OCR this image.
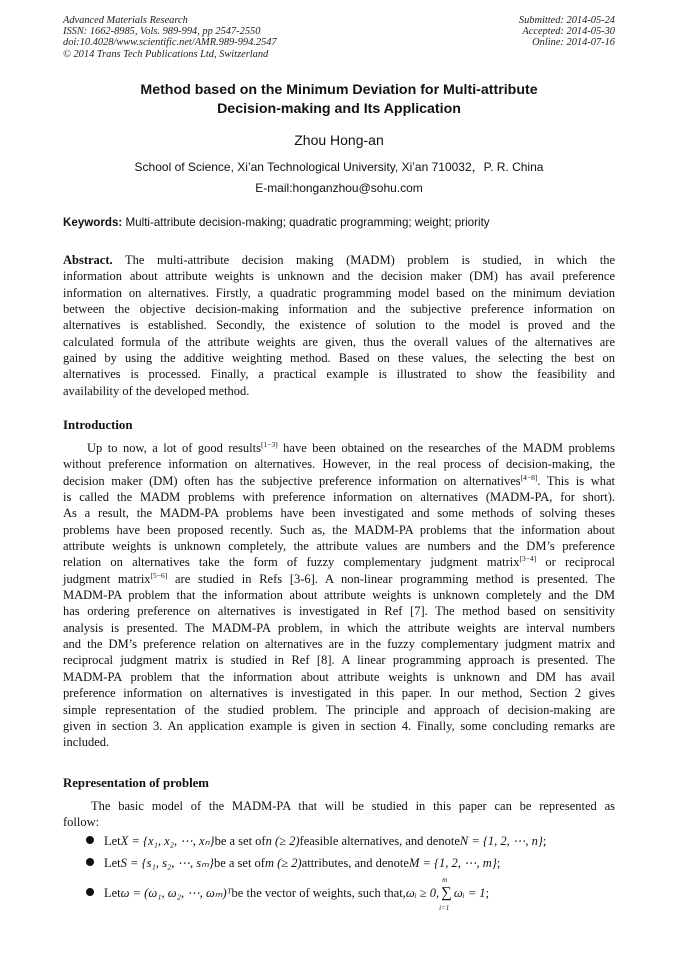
Advanced Materials Research
ISSN: 1662-8985, Vols. 989-994, pp 2547-2550
doi:10.4028/www.scientific.net/AMR.989-994.2547
© 2014 Trans Tech Publications Ltd, Switzerland
Submitted: 2014-05-24
Accepted: 2014-05-30
Online: 2014-07-16
Method based on the Minimum Deviation for Multi-attribute
Decision-making and Its Application
Zhou Hong-an
School of Science, Xi’an Technological University, Xi’an 710032，P. R. China
E-mail:honganzhou@sohu.com
Keywords: Multi-attribute decision-making; quadratic programming; weight; priority
Abstract. The multi-attribute decision making (MADM) problem is studied, in which the
information about attribute weights is unknown and the decision maker (DM) has avail preference
information on alternatives. Firstly, a quadratic programming model based on the minimum deviation
between the objective decision-making information and the subjective preference information on
alternatives is established. Secondly, the existence of solution to the model is proved and the
calculated formula of the attribute weights are given, thus the overall values of the alternatives are
gained by using the additive weighting method. Based on these values, the selecting the best on
alternatives is processed. Finally, a practical example is illustrated to show the feasibility and
availability of the developed method.
Introduction
Up to now, a lot of good results[1−3] have been obtained on the researches of the MADM problems
without preference information on alternatives. However, in the real process of decision-making, the
decision maker (DM) often has the subjective preference information on alternatives[4−8]. This is what
is called the MADM problems with preference information on alternatives (MADM-PA, for short).
As a result, the MADM-PA problems have been investigated and some methods of solving theses
problems have been proposed recently. Such as, the MADM-PA problems that the information about
attribute weights is unknown completely, the attribute values are numbers and the DM’s preference
relation on alternatives take the form of fuzzy complementary judgment matrix[3−4] or reciprocal
judgment matrix[5−6] are studied in Refs [3-6]. A non-linear programming method is presented. The
MADM-PA problem that the information about attribute weights is unknown completely and the DM
has ordering preference on alternatives is investigated in Ref [7]. The method based on sensitivity
analysis is presented. The MADM-PA problem, in which the attribute weights are interval numbers
and the DM’s preference relation on alternatives are in the fuzzy complementary judgment matrix and
reciprocal judgment matrix is studied in Ref [8]. A linear programming approach is presented. The
MADM-PA problem that the information about attribute weights is unknown and DM has avail
preference information on alternatives is investigated in this paper. In our method, Section 2 gives
simple representation of the studied problem. The principle and approach of decision-making are
given in section 3. An application example is given in section 4. Finally, some concluding remarks are
included.
Representation of problem
The basic model of the MADM-PA that will be studied in this paper can be represented as
follow:
Let X = {x₁, x₂, ⋯, xₙ} be a set of n (≥ 2) feasible alternatives, and denote N = {1, 2, ⋯, n} ;
Let S = {s₁, s₂, ⋯, sₘ} be a set of m (≥ 2) attributes, and denote M = {1, 2, ⋯, m} ;
Let ω = (ω₁, ω₂, ⋯, ωₘ)ᵀ be the vector of weights, such that, ωᵢ ≥ 0,
m
∑
i=1
ωᵢ = 1 ;
